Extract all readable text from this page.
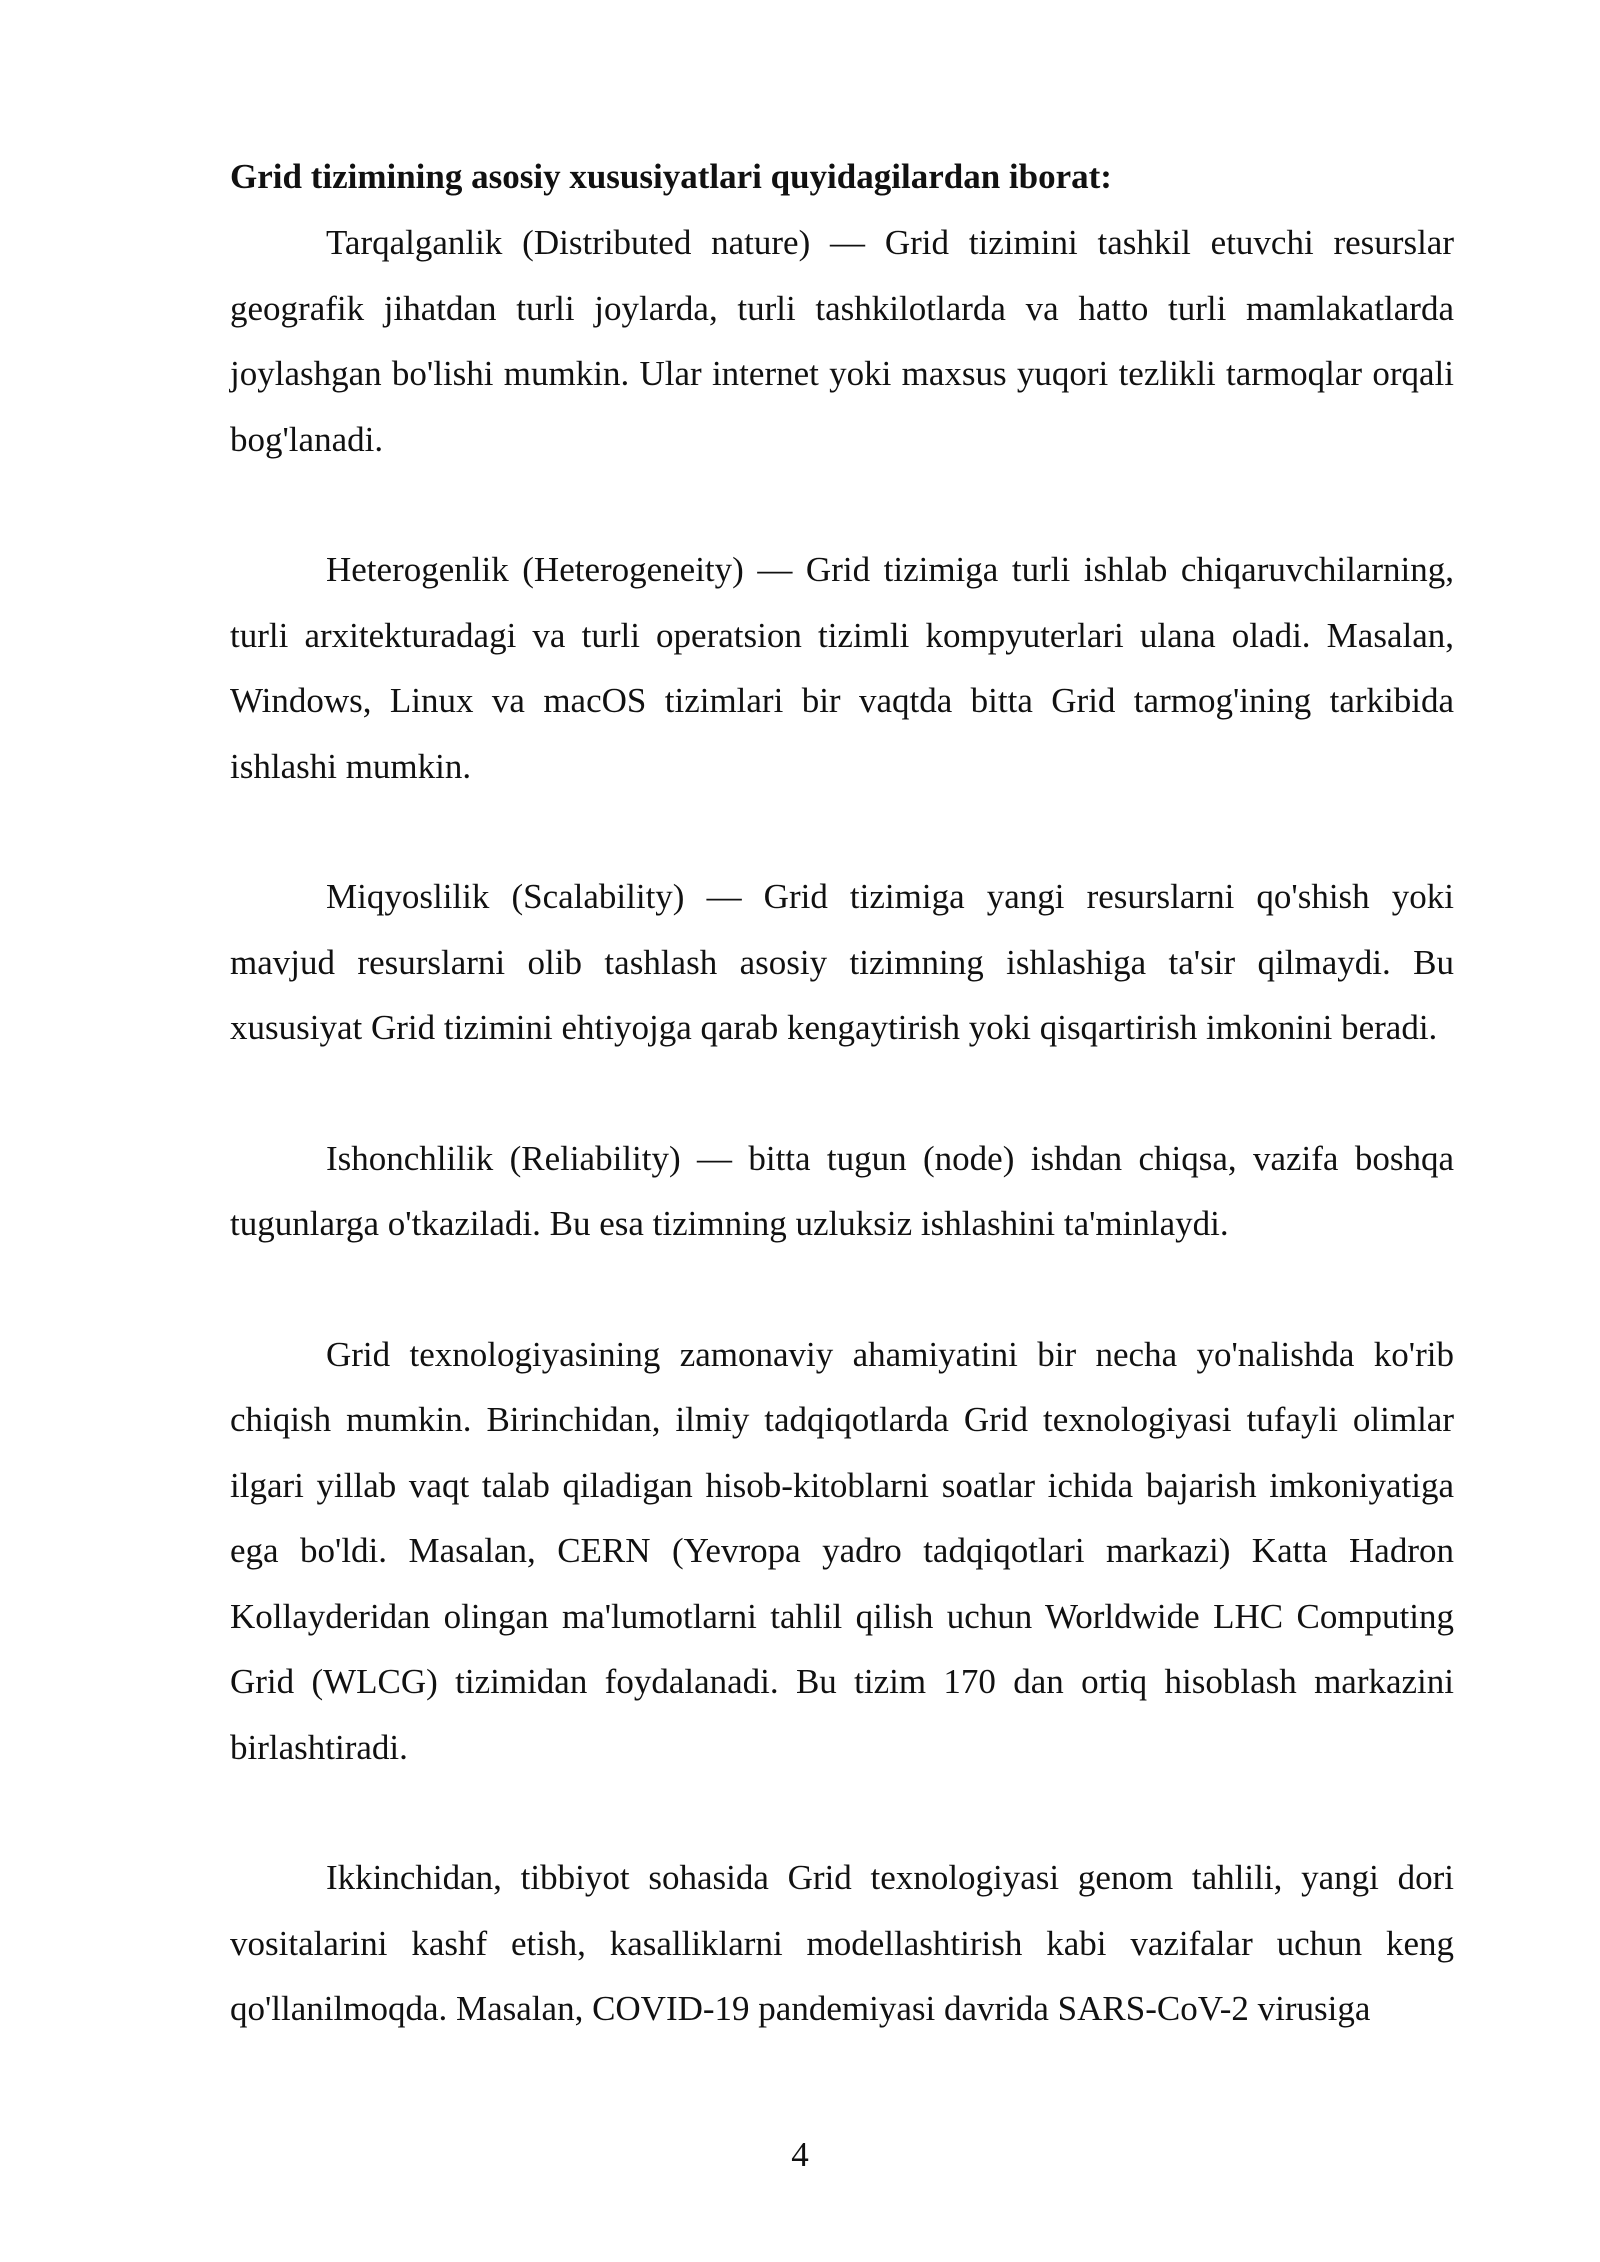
Grid tizimining asosiy xususiyatlari quyidagilardan iborat:

Tarqalganlik (Distributed nature) — Grid tizimini tashkil etuvchi resurslar geografik jihatdan turli joylarda, turli tashkilotlarda va hatto turli mamlakatlarda joylashgan bo'lishi mumkin. Ular internet yoki maxsus yuqori tezlikli tarmoqlar orqali bog'lanadi.

Heterogenlik (Heterogeneity) — Grid tizimiga turli ishlab chiqaruvchilarning, turli arxitekturadagi va turli operatsion tizimli kompyuterlari ulana oladi. Masalan, Windows, Linux va macOS tizimlari bir vaqtda bitta Grid tarmog'ining tarkibida ishlashi mumkin.

Miqyoslilik (Scalability) — Grid tizimiga yangi resurslarni qo'shish yoki mavjud resurslarni olib tashlash asosiy tizimning ishlashiga ta'sir qilmaydi. Bu xususiyat Grid tizimini ehtiyojga qarab kengaytirish yoki qisqartirish imkonini beradi.

Ishonchlilik (Reliability) — bitta tugun (node) ishdan chiqsa, vazifa boshqa tugunlarga o'tkaziladi. Bu esa tizimning uzluksiz ishlashini ta'minlaydi.

Grid texnologiyasining zamonaviy ahamiyatini bir necha yo'nalishda ko'rib chiqish mumkin. Birinchidan, ilmiy tadqiqotlarda Grid texnologiyasi tufayli olimlar ilgari yillab vaqt talab qiladigan hisob-kitoblarni soatlar ichida bajarish imkoniyatiga ega bo'ldi. Masalan, CERN (Yevropa yadro tadqiqotlari markazi) Katta Hadron Kollayderidan olingan ma'lumotlarni tahlil qilish uchun Worldwide LHC Computing Grid (WLCG) tizimidan foydalanadi. Bu tizim 170 dan ortiq hisoblash markazini birlashtiradi.

Ikkinchidan, tibbiyot sohasida Grid texnologiyasi genom tahlili, yangi dori vositalarini kashf etish, kasalliklarni modellashtirish kabi vazifalar uchun keng qo'llanilmoqda. Masalan, COVID-19 pandemiyasi davrida SARS-CoV-2 virusiga

4
